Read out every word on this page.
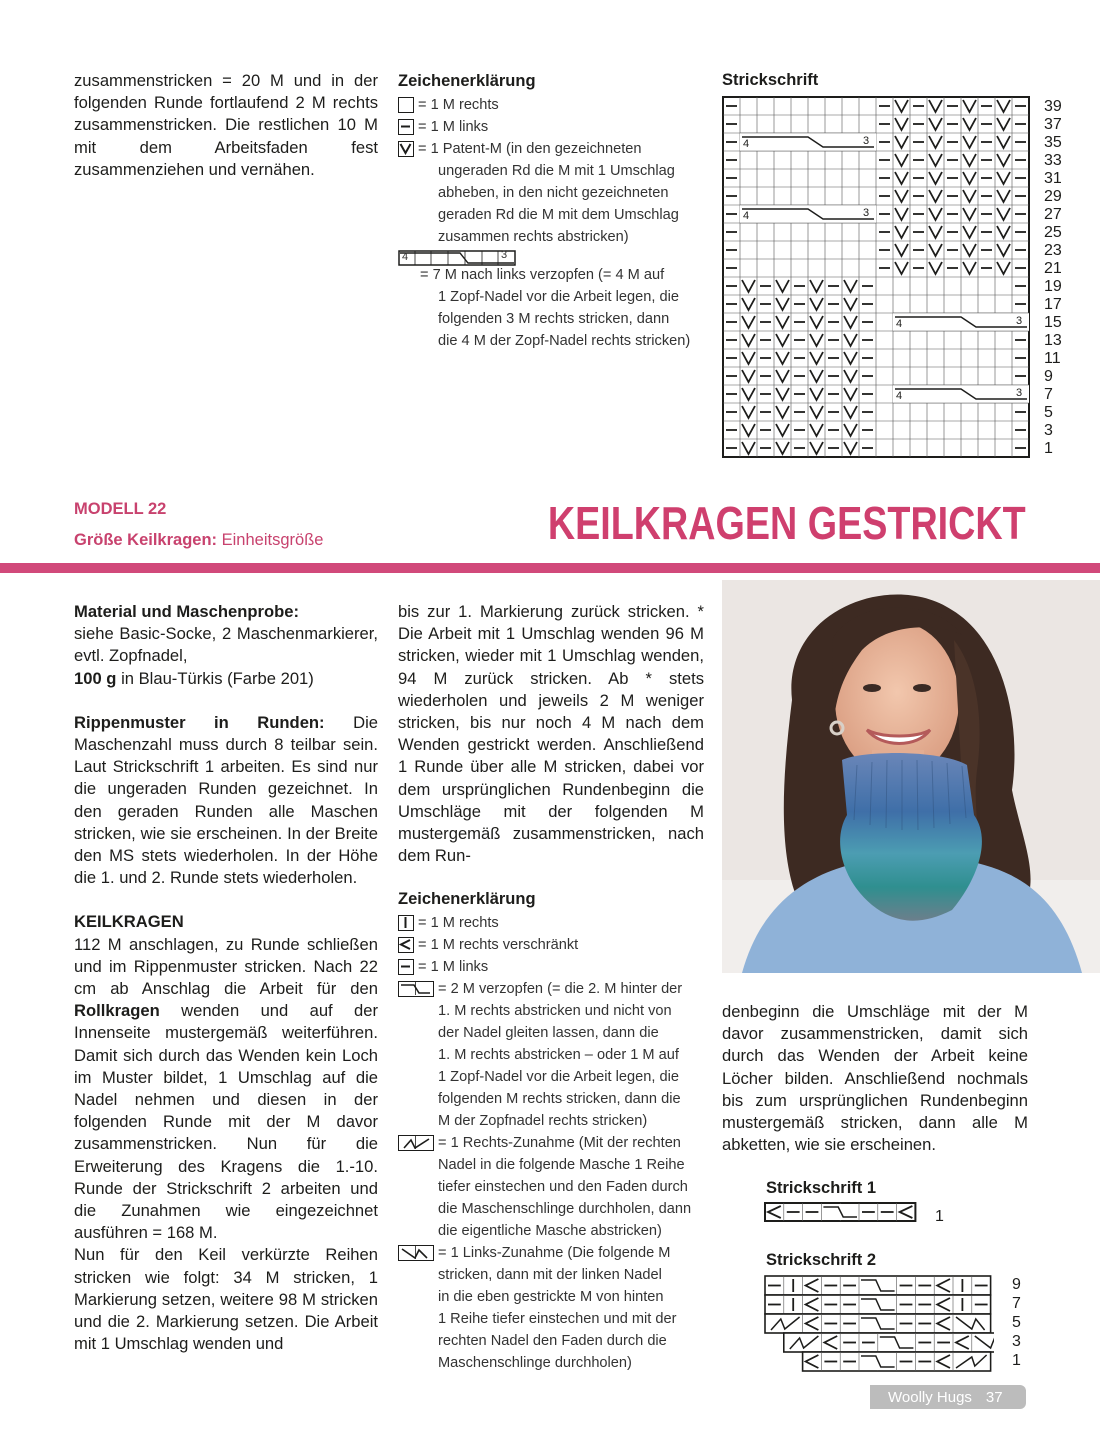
zusammenstricken = 20 M und in der folgenden Runde fortlaufend 2 M rechts zusammenstricken. Die restlichen 10 M mit dem Arbeitsfaden fest zusammenziehen und vernähen.

Zeichenerklärung
= 1 M rechts
= 1 M links
= 1 Patent-M (in den gezeichneten
ungeraden Rd die M mit 1 Umschlag
abheben, in den nicht gezeichneten
geraden Rd die M mit dem Umschlag
zusammen rechts abstricken)
4	3
= 7 M nach links verzopfen (= 4 M auf
1 Zopf-Nadel vor die Arbeit legen, die
folgenden 3 M rechts stricken, dann
die 4 M der Zopf-Nadel rechts stricken)
Strickschrift
4	3
4	3
4	3
4	3
39
37
35
33
31
29
27
25
23
21
19
17
15
13
11
9
7
5
3
1
MODELL 22
Größe Keilkragen: Einheitsgröße	KEILKRAGEN GESTRICKT

Material und Maschenprobe:

siehe Basic-Socke, 2 Maschenmarkierer, evtl. Zopfnadel,

100 g in Blau-Türkis (Farbe 201)

Rippenmuster in Runden: Die Maschenzahl muss durch 8 teilbar sein. Laut Strickschrift 1 arbeiten. Es sind nur die ungeraden Runden gezeichnet. In den geraden Runden alle Maschen stricken, wie sie erscheinen. In der Breite den MS stets wiederholen. In der Höhe die 1. und 2. Runde stets wiederholen.

KEILKRAGEN

112 M anschlagen, zu Runde schließen und im Rippenmuster stricken. Nach 22 cm ab Anschlag die Arbeit für den Rollkragen wenden und auf der Innenseite mustergemäß weiterführen. Damit sich durch das Wenden kein Loch im Muster bildet, 1 Umschlag auf die Nadel nehmen und diesen in der folgenden Runde mit der M davor zusammenstricken. Nun für die Erweiterung des Kragens die 1.-10. Runde der Strickschrift 2 arbeiten und die Zunahmen wie eingezeichnet ausführen = 168 M.

Nun für den Keil verkürzte Reihen stricken wie folgt: 34 M stricken, 1 Markierung setzen, weitere 98 M stricken und die 2. Markierung setzen. Die Arbeit mit 1 Umschlag wenden und

bis zur 1. Markierung zurück stricken. * Die Arbeit mit 1 Umschlag wenden 96 M stricken, wieder mit 1 Umschlag wenden, 94 M zurück stricken. Ab * stets wiederholen und jeweils 2 M weniger stricken, bis nur noch 4 M nach dem Wenden gestrickt werden. Anschließend 1 Runde über alle M stricken, dabei vor dem ursprünglichen Rundenbeginn die Umschläge mit der folgenden M mustergemäß zusammenstricken, nach dem Run-

Zeichenerklärung
= 1 M rechts
= 1 M rechts verschränkt
= 1 M links
= 2 M verzopfen (= die 2. M hinter der
1. M rechts abstricken und nicht von
der Nadel gleiten lassen, dann die
1. M rechts abstricken – oder 1 M auf
1 Zopf-Nadel vor die Arbeit legen, die
folgenden M rechts stricken, dann die
M der Zopfnadel rechts stricken)
= 1 Rechts-Zunahme (Mit der rechten
Nadel in die folgende Masche 1 Reihe
tiefer einstechen und den Faden durch
die Maschenschlinge durchholen, dann
die eigentliche Masche abstricken)
= 1 Links-Zunahme (Die folgende M
stricken, dann mit der linken Nadel
in die eben gestrickte M von hinten
1 Reihe tiefer einstechen und mit der
rechten Nadel den Faden durch die
Maschenschlinge durchholen)

denbeginn die Umschläge mit der M davor zusammenstricken, damit sich durch das Wenden der Arbeit keine Löcher bilden. Anschließend nochmals bis zum ursprünglichen Rundenbeginn mustergemäß stricken, dann alle M abketten, wie sie erscheinen.

Strickschrift 1
1
Strickschrift 2
9
7
5
3
1
Woolly Hugs 37
